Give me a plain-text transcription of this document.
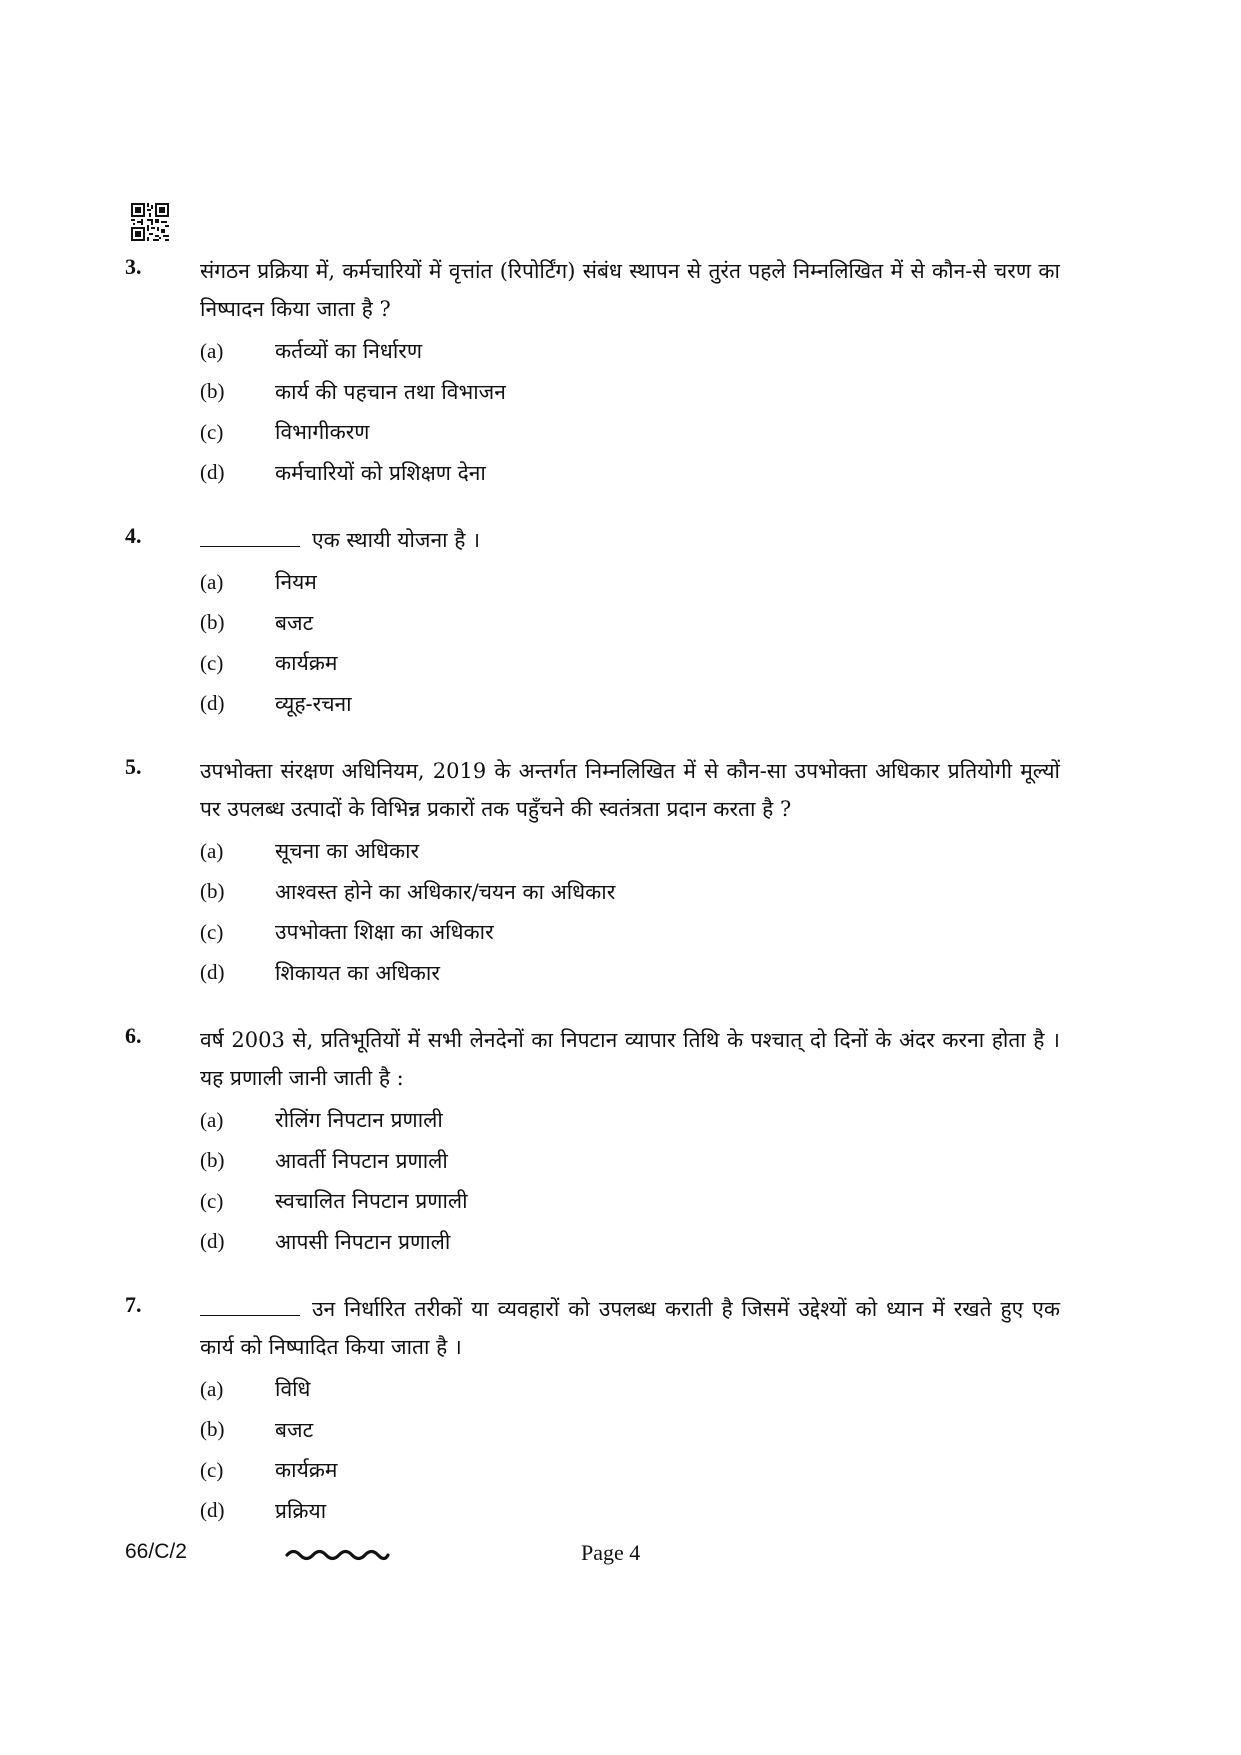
3.	संगठन प्रक्रिया में, कर्मचारियों में वृत्तांत (रिपोर्टिंग) संबंध स्थापन से तुरंत पहले निम्नलिखित में से कौन-से चरण का निष्पादन किया जाता है ?
(a)	कर्तव्यों का निर्धारण
(b)	कार्य की पहचान तथा विभाजन
(c)	विभागीकरण
(d)	कर्मचारियों को प्रशिक्षण देना
4.	एक स्थायी योजना है ।
(a)	नियम
(b)	बजट
(c)	कार्यक्रम
(d)	व्यूह-रचना
5.	उपभोक्ता संरक्षण अधिनियम, 2019 के अन्तर्गत निम्नलिखित में से कौन-सा उपभोक्ता अधिकार प्रतियोगी मूल्यों पर उपलब्ध उत्पादों के विभिन्न प्रकारों तक पहुँचने की स्वतंत्रता प्रदान करता है ?
(a)	सूचना का अधिकार
(b)	आश्वस्त होने का अधिकार/चयन का अधिकार
(c)	उपभोक्ता शिक्षा का अधिकार
(d)	शिकायत का अधिकार
6.	वर्ष 2003 से, प्रतिभूतियों में सभी लेनदेनों का निपटान व्यापार तिथि के पश्चात् दो दिनों के अंदर करना होता है । यह प्रणाली जानी जाती है :
(a)	रोलिंग निपटान प्रणाली
(b)	आवर्ती निपटान प्रणाली
(c)	स्वचालित निपटान प्रणाली
(d)	आपसी निपटान प्रणाली
7.	उन निर्धारित तरीकों या व्यवहारों को उपलब्ध कराती है जिसमें उद्देश्यों को ध्यान में रखते हुए एक कार्य को निष्पादित किया जाता है ।
(a)	विधि
(b)	बजट
(c)	कार्यक्रम
(d)	प्रक्रिया
66/C/2	Page 4
